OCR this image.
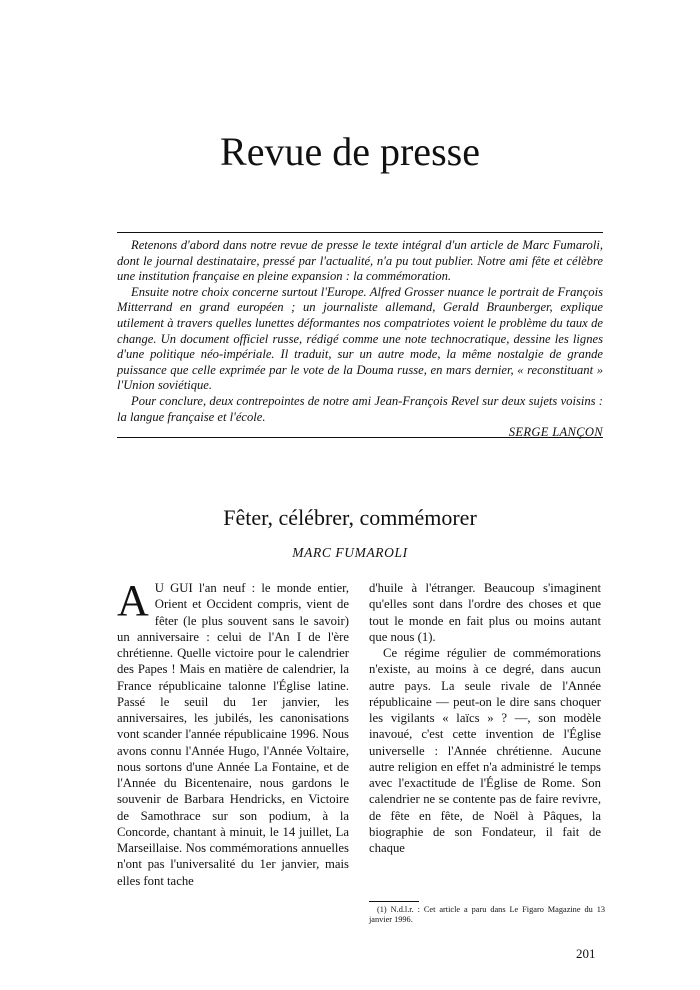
Revue de presse

Retenons d'abord dans notre revue de presse le texte intégral d'un article de Marc Fumaroli, dont le journal destinataire, pressé par l'actualité, n'a pu tout publier. Notre ami fête et célèbre une institution française en pleine expansion : la commémoration.

Ensuite notre choix concerne surtout l'Europe. Alfred Grosser nuance le portrait de François Mitterrand en grand européen ; un journaliste allemand, Gerald Braunberger, explique utilement à travers quelles lunettes déformantes nos compatriotes voient le problème du taux de change. Un document officiel russe, rédigé comme une note technocratique, dessine les lignes d'une politique néo-impériale. Il traduit, sur un autre mode, la même nostalgie de grande puissance que celle exprimée par le vote de la Douma russe, en mars dernier, « reconstituant » l'Union soviétique.

Pour conclure, deux contrepointes de notre ami Jean-François Revel sur deux sujets voisins : la langue française et l'école.

SERGE LANÇON

Fêter, célébrer, commémorer
MARC FUMAROLI

A U GUI l'an neuf : le monde entier, Orient et Occident compris, vient de fêter (le plus souvent sans le savoir) un anniversaire : celui de l'An I de l'ère chrétienne. Quelle victoire pour le calendrier des Papes ! Mais en matière de calendrier, la France républicaine talonne l'Église latine. Passé le seuil du 1er janvier, les anniversaires, les jubilés, les canonisations vont scander l'année républicaine 1996. Nous avons connu l'Année Hugo, l'Année Voltaire, nous sortons d'une Année La Fontaine, et de l'Année du Bicentenaire, nous gardons le souvenir de Barbara Hendricks, en Victoire de Samothrace sur son podium, à la Concorde, chantant à minuit, le 14 juillet, La Marseillaise. Nos commémorations annuelles n'ont pas l'universalité du 1er janvier, mais elles font tache

d'huile à l'étranger. Beaucoup s'imaginent qu'elles sont dans l'ordre des choses et que tout le monde en fait plus ou moins autant que nous (1).

Ce régime régulier de commémorations n'existe, au moins à ce degré, dans aucun autre pays. La seule rivale de l'Année républicaine — peut-on le dire sans choquer les vigilants « laïcs » ? —, son modèle inavoué, c'est cette invention de l'Église universelle : l'Année chrétienne. Aucune autre religion en effet n'a administré le temps avec l'exactitude de l'Église de Rome. Son calendrier ne se contente pas de faire revivre, de fête en fête, de Noël à Pâques, la biographie de son Fondateur, il fait de chaque

(1) N.d.l.r. : Cet article a paru dans Le Figaro Magazine du 13 janvier 1996.
201
